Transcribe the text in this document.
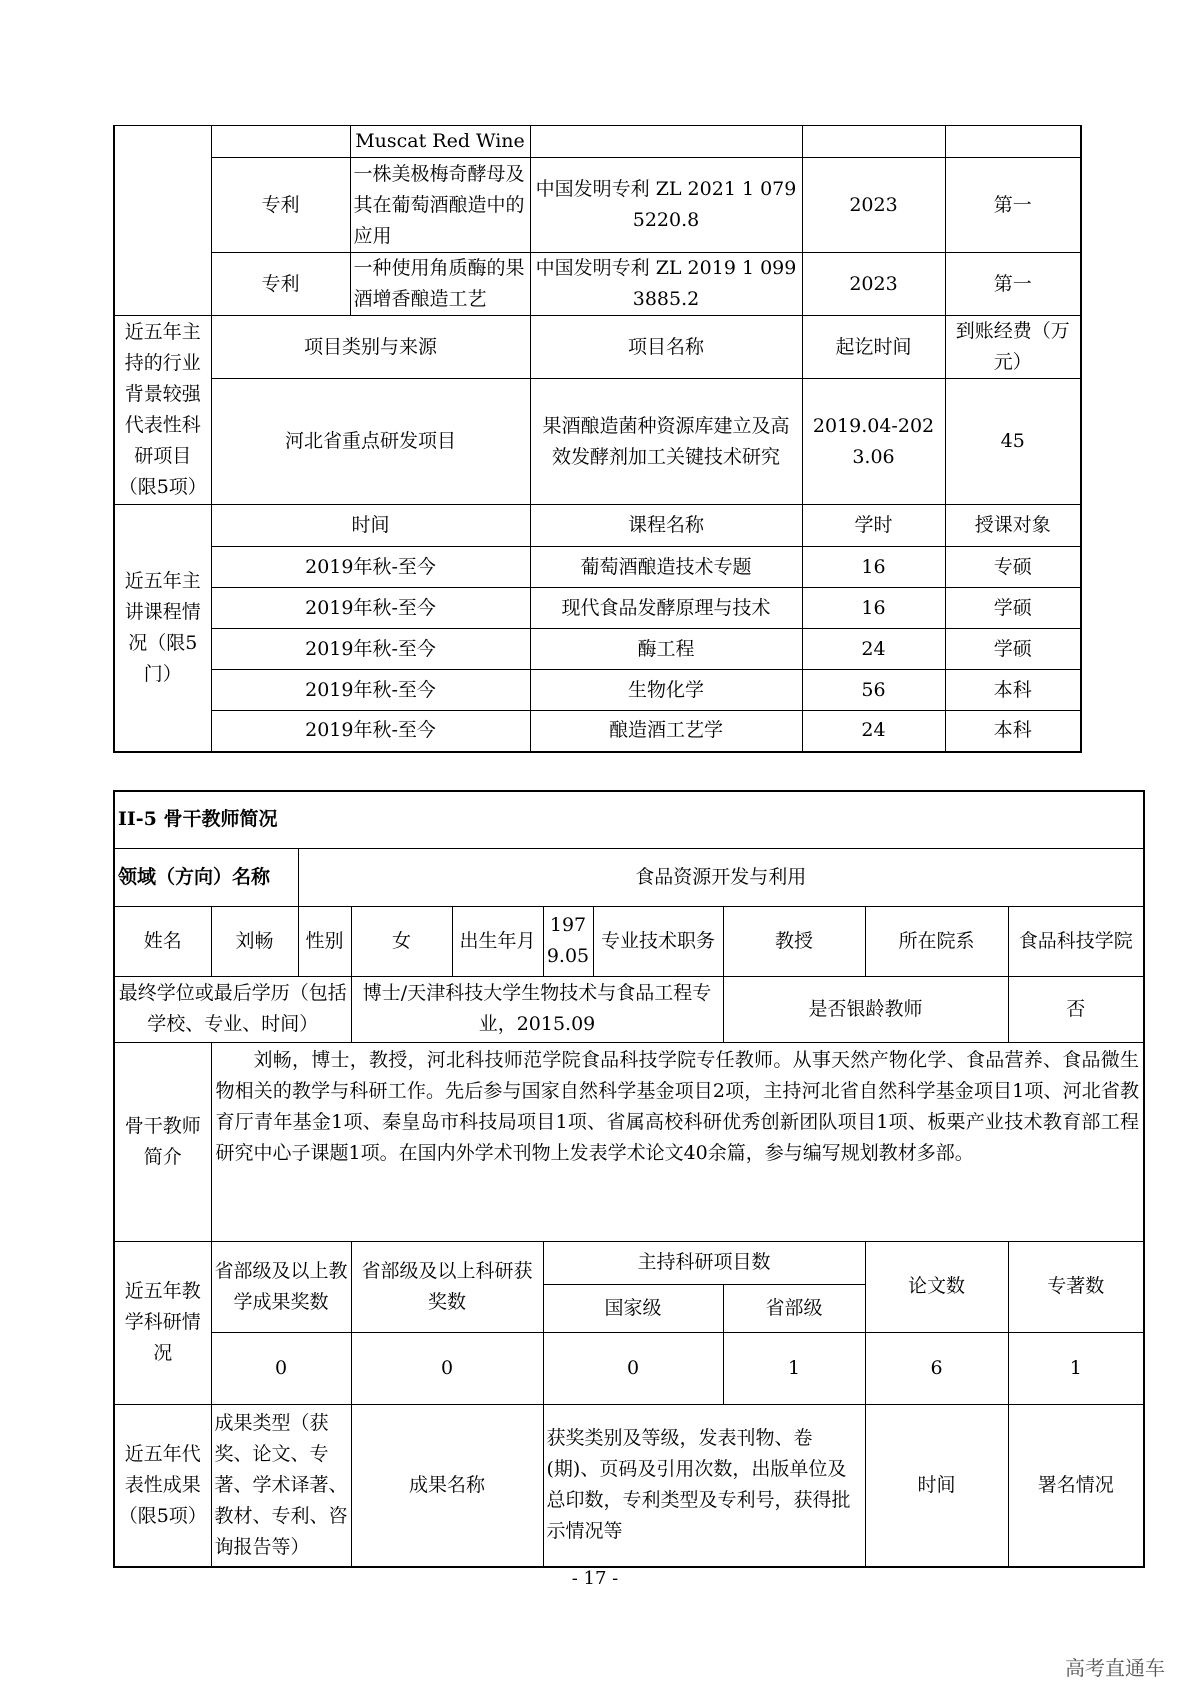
		Muscat Red Wine			
	专利	一株美极梅奇酵母及其在葡萄酒酿造中的应用	中国发明专利 ZL 2021 1 0795220.8	2023	第一
	专利	一种使用角质酶的果酒增香酿造工艺	中国发明专利 ZL 2019 1 0993885.2	2023	第一
近五年主持的行业背景较强代表性科研项目（限5项）	项目类别与来源		项目名称	起讫时间	到账经费（万元）
	河北省重点研发项目		果酒酿造菌种资源库建立及高效发酵剂加工关键技术研究	2019.04-2023.06	45
近五年主讲课程情况（限5门）	时间		课程名称	学时	授课对象
	2019年秋-至今		葡萄酒酿造技术专题	16	专硕
	2019年秋-至今		现代食品发酵原理与技术	16	学硕
	2019年秋-至今		酶工程	24	学硕
	2019年秋-至今		生物化学	56	本科
	2019年秋-至今		酿造酒工艺学	24	本科
II-5 骨干教师简况									
领域（方向）名称		食品资源开发与利用							
姓名	刘畅	性别	女	出生年月	1979.05	专业技术职务	教授	所在院系	食品科技学院
最终学位或最后学历（包括学校、专业、时间）			博士/天津科技大学生物技术与食品工程专业，2015.09				是否银龄教师		否
骨干教师简介	刘畅，博士，教授，河北科技师范学院食品科技学院专任教师。从事天然产物化学、食品营养、食品微生物相关的教学与科研工作。先后参与国家自然科学基金项目2项，主持河北省自然科学基金项目1项、河北省教育厅青年基金1项、秦皇岛市科技局项目1项、省属高校科研优秀创新团队项目1项、板栗产业技术教育部工程研究中心子课题1项。在国内外学术刊物上发表学术论文40余篇，参与编写规划教材多部。								
近五年教学科研情况	省部级及以上教学成果奖数		省部级及以上科研获奖数		主持科研项目数			论文数	专著数
					国家级		省部级		
	0		0		0		1	6	1
近五年代表性成果（限5项）	成果类型（获奖、论文、专著、学术译著、教材、专利、咨询报告等）		成果名称		获奖类别及等级，发表刊物、卷(期)、页码及引用次数，出版单位及总印数，专利类型及专利号，获得批示情况等			时间	署名情况
- 17 -
高考直通车
